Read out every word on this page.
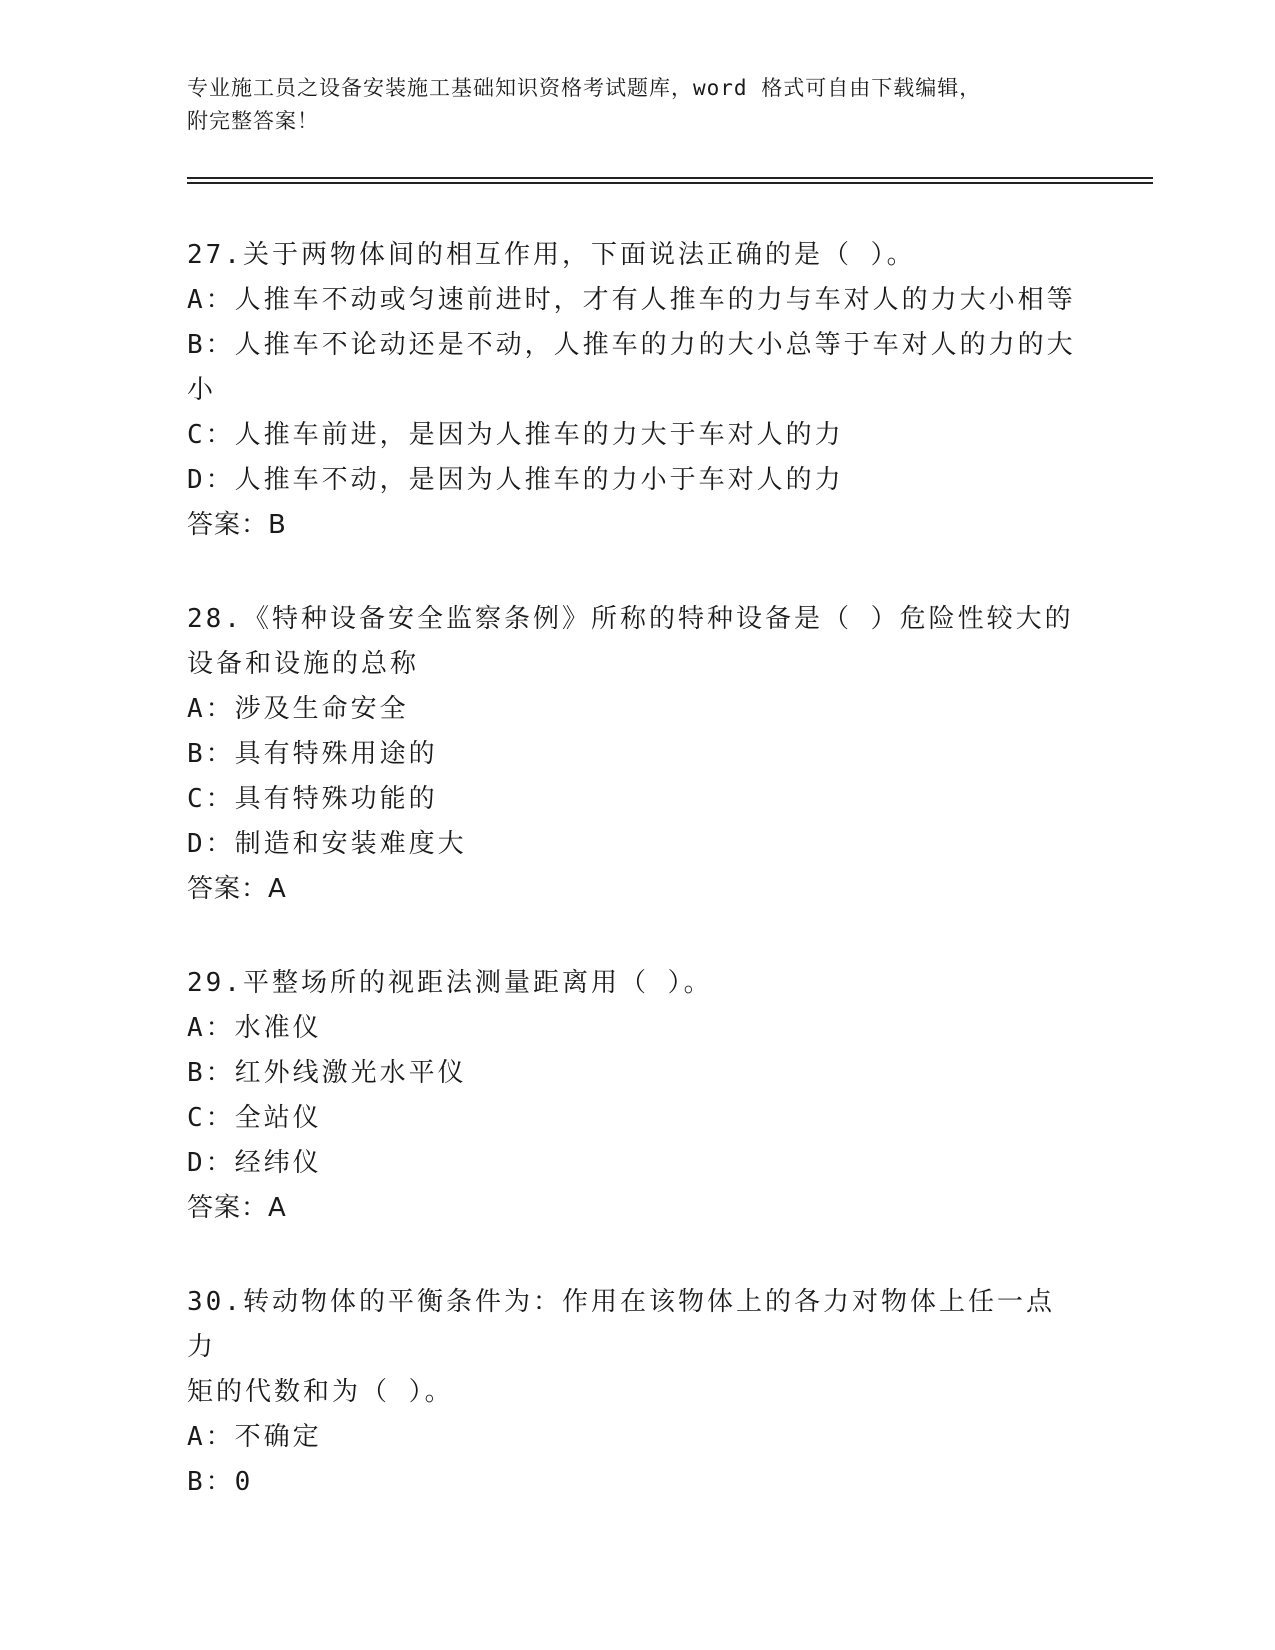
专业施工员之设备安装施工基础知识资格考试题库，word 格式可自由下载编辑，
附完整答案！

27.关于两物体间的相互作用，下面说法正确的是（ ）。

A：人推车不动或匀速前进时，才有人推车的力与车对人的力大小相等

B：人推车不论动还是不动，人推车的力的大小总等于车对人的力的大

小

C：人推车前进，是因为人推车的力大于车对人的力

D：人推车不动，是因为人推车的力小于车对人的力

答案：B

28.《特种设备安全监察条例》所称的特种设备是（ ）危险性较大的

设备和设施的总称

A：涉及生命安全

B：具有特殊用途的

C：具有特殊功能的

D：制造和安装难度大

答案：A

29.平整场所的视距法测量距离用（ ）。

A：水准仪

B：红外线激光水平仪

C：全站仪

D：经纬仪

答案：A

30.转动物体的平衡条件为：作用在该物体上的各力对物体上任一点力

矩的代数和为（ ）。

A：不确定

B：0
